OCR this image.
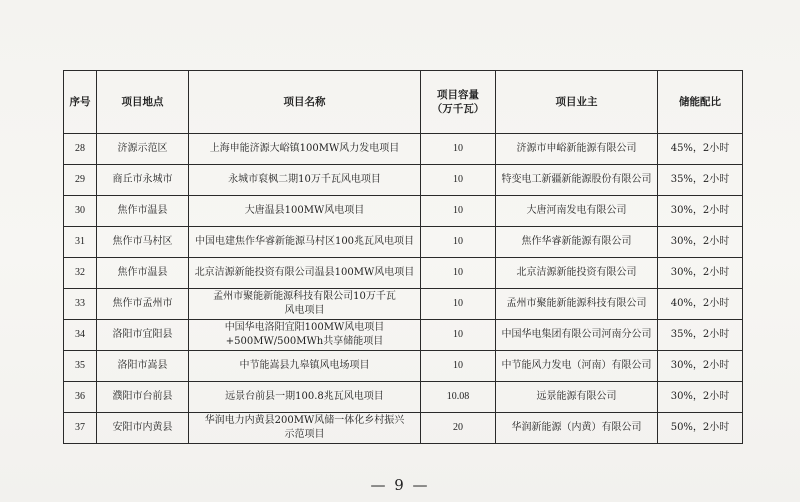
序号	项目地点	项目名称	项目容量
（万千瓦）	项目业主	储能配比
28	济源示范区	上海申能济源大峪镇100MW风力发电项目	10	济源市申峪新能源有限公司	45%，2小时
29	商丘市永城市	永城市裒枫二期10万千瓦风电项目	10	特变电工新疆新能源股份有限公司	35%，2小时
30	焦作市温县	大唐温县100MW风电项目	10	大唐河南发电有限公司	30%，2小时
31	焦作市马村区	中国电建焦作华睿新能源马村区100兆瓦风电项目	10	焦作华睿新能源有限公司	30%，2小时
32	焦作市温县	北京洁源新能投资有限公司温县100MW风电项目	10	北京洁源新能投资有限公司	30%，2小时
33	焦作市孟州市	孟州市聚能新能源科技有限公司10万千瓦
风电项目	10	孟州市聚能新能源科技有限公司	40%，2小时
34	洛阳市宜阳县	中国华电洛阳宜阳100MW风电项目
+500MW/500MWh共享储能项目	10	中国华电集团有限公司河南分公司	35%，2小时
35	洛阳市嵩县	中节能嵩县九皋镇风电场项目	10	中节能风力发电（河南）有限公司	30%，2小时
36	濮阳市台前县	远景台前县一期100.8兆瓦风电项目	10.08	远景能源有限公司	30%，2小时
37	安阳市内黄县	华润电力内黄县200MW风储一体化乡村振兴
示范项目	20	华润新能源（内黄）有限公司	50%，2小时
— 9 —
